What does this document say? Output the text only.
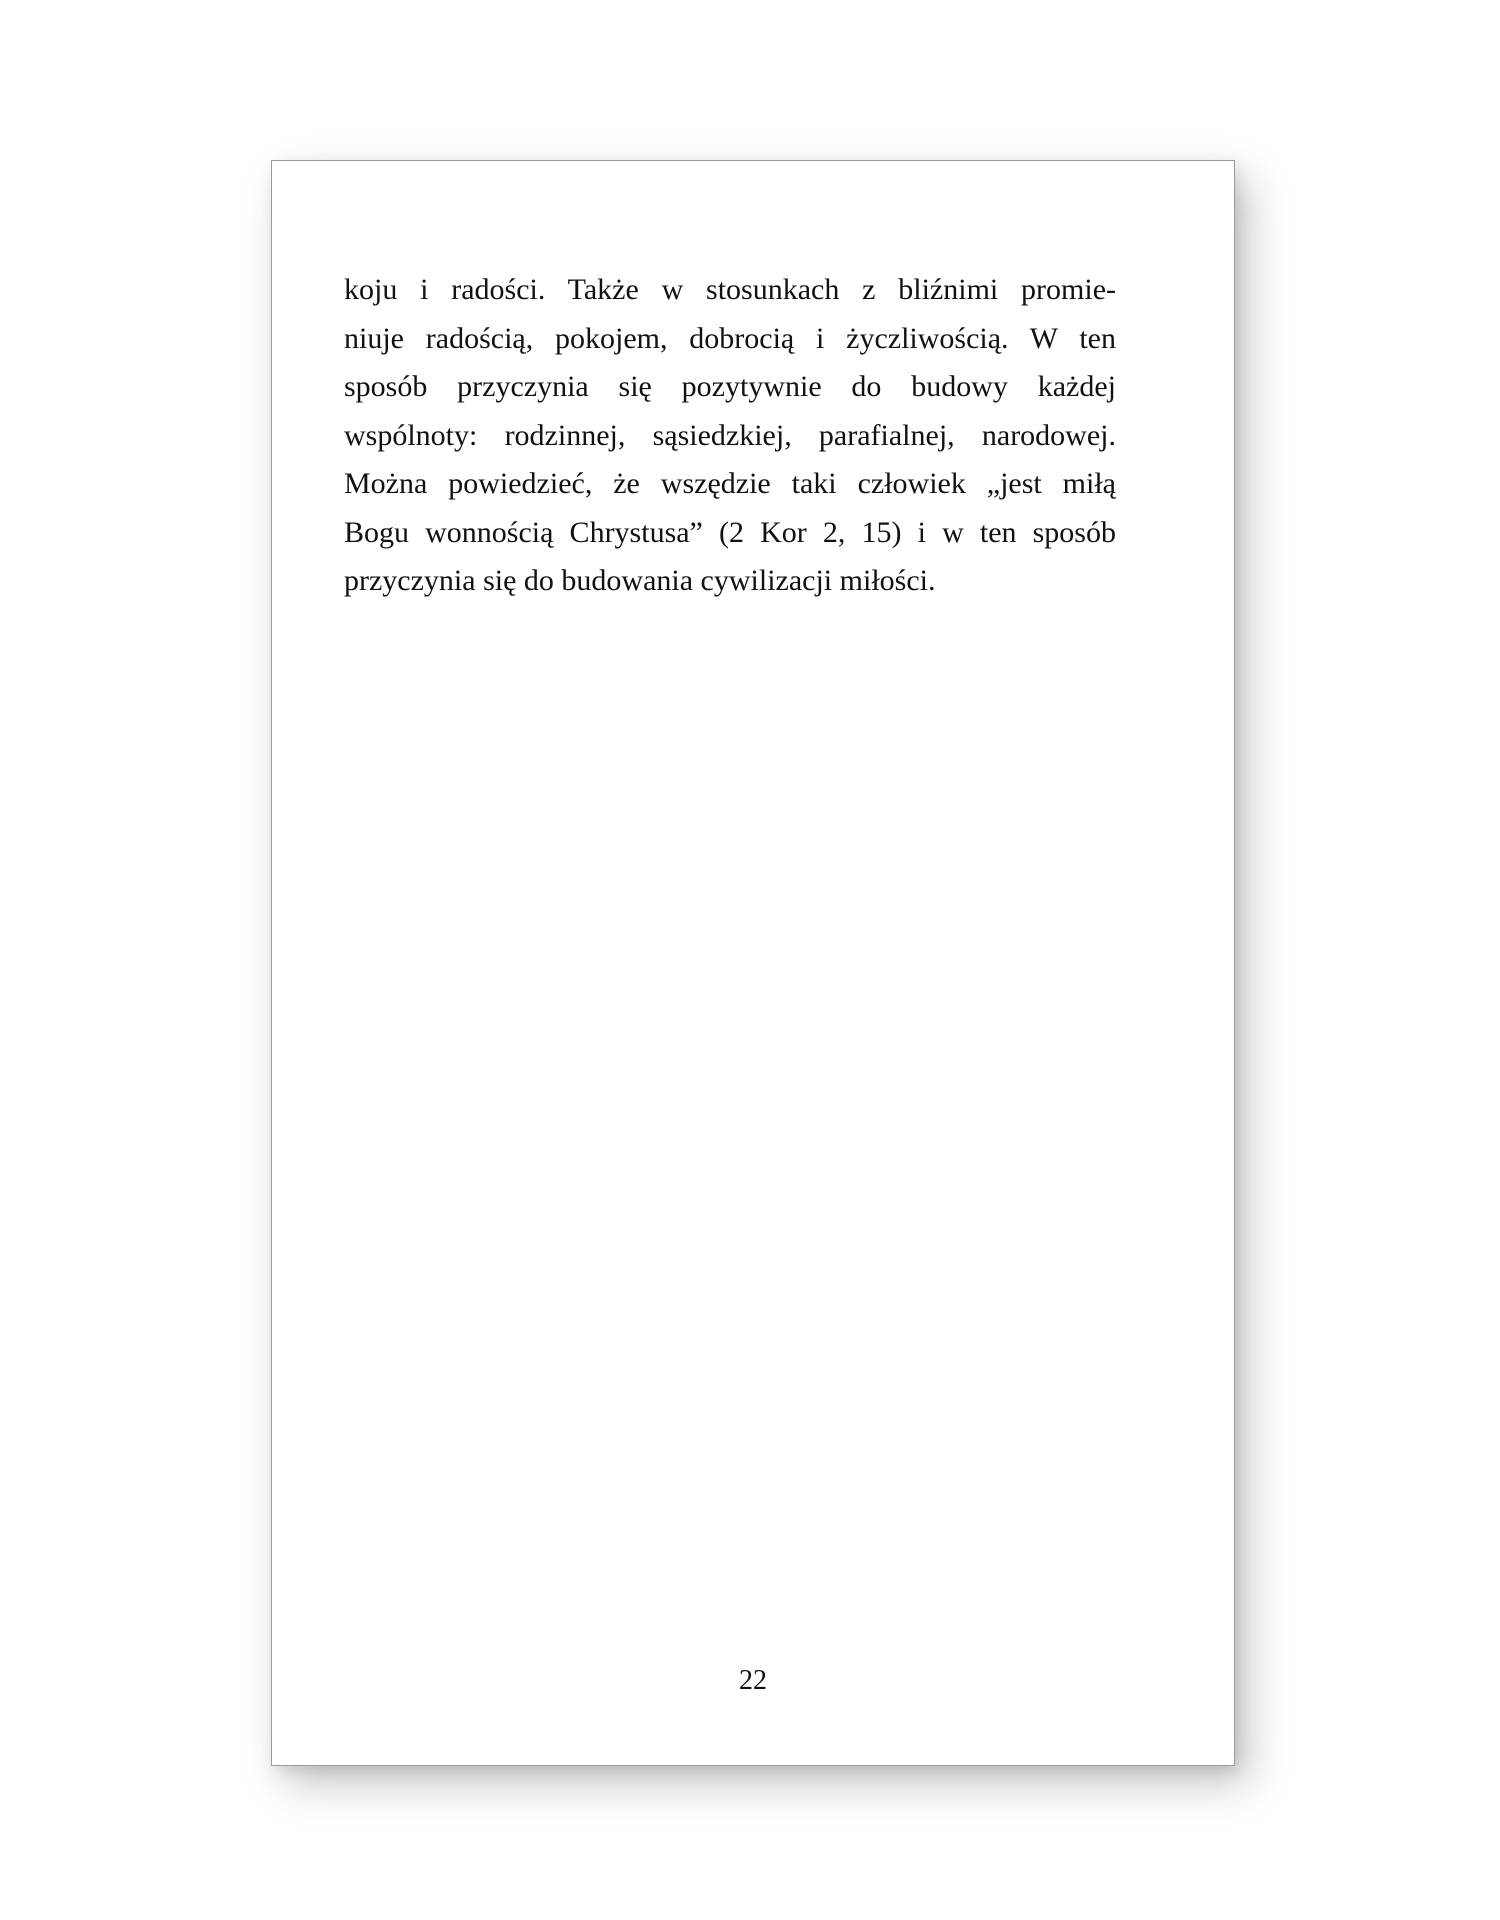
koju i radości. Także w stosunkach z bliźnimi promie-
niuje radością, pokojem, dobrocią i życzliwością. W ten
sposób przyczynia się pozytywnie do budowy każdej
wspólnoty: rodzinnej, sąsiedzkiej, parafialnej, narodowej.
Można powiedzieć, że wszędzie taki człowiek „jest miłą
Bogu wonnością Chrystusa” (2 Kor 2, 15) i w ten sposób
przyczynia się do budowania cywilizacji miłości.
22
